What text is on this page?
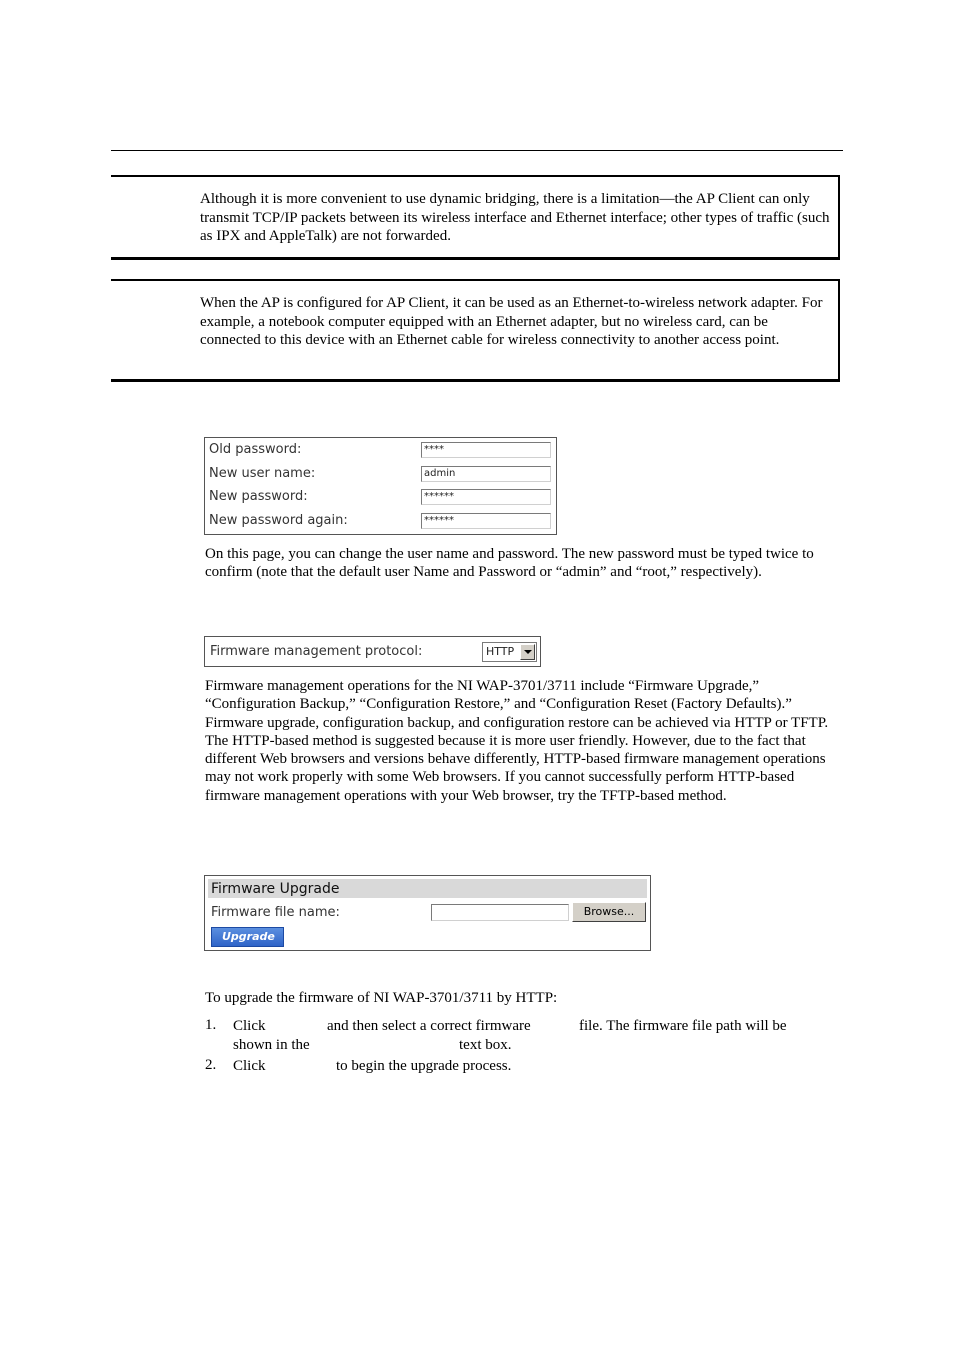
Although it is more convenient to use dynamic bridging, there is a limitation—the AP Client can only transmit TCP/IP packets between its wireless interface and Ethernet interface; other types of traffic (such as IPX and AppleTalk) are not forwarded.

When the AP is configured for AP Client, it can be used as an Ethernet-to-wireless network adapter. For example, a notebook computer equipped with an Ethernet adapter, but no wireless card, can be connected to this device with an Ethernet cable for wireless connectivity to another access point.

Old password:	****
New user name:	admin
New password:	******
New password again:	******

On this page, you can change the user name and password. The new password must be typed twice to confirm (note that the default user Name and Password or “admin” and “root,” respectively).

Firmware management protocol:	HTTP

Firmware management operations for the NI WAP-3701/3711 include “Firmware Upgrade,” “Configuration Backup,” “Configuration Restore,” and “Configuration Reset (Factory Defaults).” Firmware upgrade, configuration backup, and configuration restore can be achieved via HTTP or TFTP. The HTTP-based method is suggested because it is more user friendly. However, due to the fact that different Web browsers and versions behave differently, HTTP-based firmware management operations may not work properly with some Web browsers. If you cannot successfully perform HTTP-based firmware management operations with your Web browser, try the TFTP-based method.

Firmware Upgrade
Firmware file name:	Browse...
Upgrade

To upgrade the firmware of NI WAP-3701/3711 by HTTP:

1. Click	and then select a correct firmware	file. The firmware file path will be
shown in the	text box.
2. Click	to begin the upgrade process.
